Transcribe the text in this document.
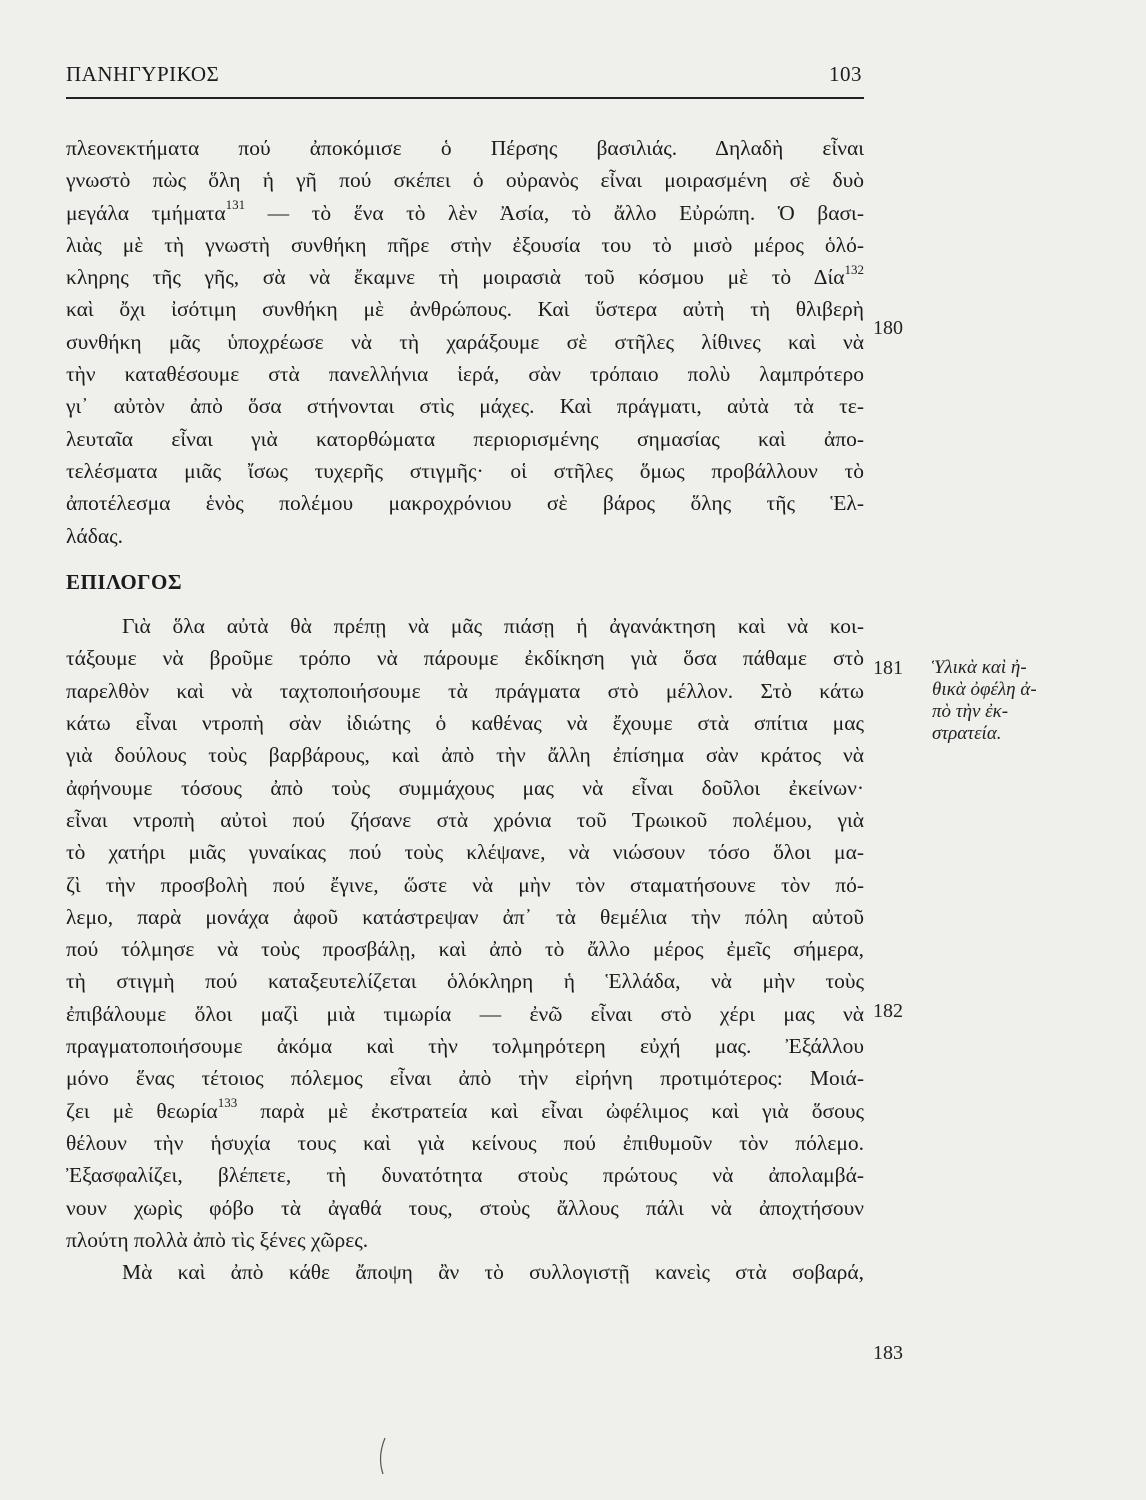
ΠΑΝΗΓΥΡΙΚΟΣ	103
πλεονεκτήματα πού ἀποκόμισε ὁ Πέρσης βασιλιάς. Δηλαδὴ εἶναι
γνωστὸ πὼς ὅλη ἡ γῆ πού σκέπει ὁ οὐρανὸς εἶναι μοιρασμένη σὲ δυὸ
μεγάλα τμήματα$^{131}$ — τὸ ἕνα τὸ λὲν Ἀσία, τὸ ἄλλο Εὐρώπη. Ὁ βασι-
λιὰς μὲ τὴ γνωστὴ συνθήκη πῆρε στὴν ἐξουσία του τὸ μισὸ μέρος ὁλό-
κληρης τῆς γῆς, σὰ νὰ ἔκαμνε τὴ μοιρασιὰ τοῦ κόσμου μὲ τὸ Δία$^{132}$
καὶ ὄχι ἰσότιμη συνθήκη μὲ ἀνθρώπους. Καὶ ὕστερα αὐτὴ τὴ θλιβερὴ
συνθήκη μᾶς ὑποχρέωσε νὰ τὴ χαράξουμε σὲ στῆλες λίθινες καὶ νὰ
τὴν καταθέσουμε στὰ πανελλήνια ἱερά, σὰν τρόπαιο πολὺ λαμπρότερο
γι᾽ αὐτὸν ἀπὸ ὅσα στήνονται στὶς μάχες. Καὶ πράγματι, αὐτὰ τὰ τε-
λευταῖα εἶναι γιὰ κατορθώματα περιορισμένης σημασίας καὶ ἀπο-
τελέσματα μιᾶς ἴσως τυχερῆς στιγμῆς· οἱ στῆλες ὅμως προβάλλουν τὸ
ἀποτέλεσμα ἑνὸς πολέμου μακροχρόνιου σὲ βάρος ὅλης τῆς Ἑλ-
λάδας.
ΕΠΙΛΟΓΟΣ
Γιὰ ὅλα αὐτὰ θὰ πρέπῃ νὰ μᾶς πιάσῃ ἡ ἀγανάκτηση καὶ νὰ κοι-
τάξουμε νὰ βροῦμε τρόπο νὰ πάρουμε ἐκδίκηση γιὰ ὅσα πάθαμε στὸ
παρελθὸν καὶ νὰ ταχτοποιήσουμε τὰ πράγματα στὸ μέλλον. Στὸ κάτω
κάτω εἶναι ντροπὴ σὰν ἰδιώτης ὁ καθένας νὰ ἔχουμε στὰ σπίτια μας
γιὰ δούλους τοὺς βαρβάρους, καὶ ἀπὸ τὴν ἄλλη ἐπίσημα σὰν κράτος νὰ
ἀφήνουμε τόσους ἀπὸ τοὺς συμμάχους μας νὰ εἶναι δοῦλοι ἐκείνων·
εἶναι ντροπὴ αὐτοὶ πού ζήσανε στὰ χρόνια τοῦ Τρωικοῦ πολέμου, γιὰ
τὸ χατήρι μιᾶς γυναίκας πού τοὺς κλέψανε, νὰ νιώσουν τόσο ὅλοι μα-
ζὶ τὴν προσβολὴ πού ἔγινε, ὥστε νὰ μὴν τὸν σταματήσουνε τὸν πό-
λεμο, παρὰ μονάχα ἀφοῦ κατάστρεψαν ἀπ᾽ τὰ θεμέλια τὴν πόλη αὐτοῦ
πού τόλμησε νὰ τοὺς προσβάλῃ, καὶ ἀπὸ τὸ ἄλλο μέρος ἐμεῖς σήμερα,
τὴ στιγμὴ πού καταξευτελίζεται ὁλόκληρη ἡ Ἑλλάδα, νὰ μὴν τοὺς
ἐπιβάλουμε ὅλοι μαζὶ μιὰ τιμωρία — ἐνῶ εἶναι στὸ χέρι μας νὰ
πραγματοποιήσουμε ἀκόμα καὶ τὴν τολμηρότερη εὐχή μας. Ἐξάλλου
μόνο ἕνας τέτοιος πόλεμος εἶναι ἀπὸ τὴν εἰρήνη προτιμότερος: Μοιά-
ζει μὲ θεωρία$^{133}$ παρὰ μὲ ἐκστρατεία καὶ εἶναι ὠφέλιμος καὶ γιὰ ὅσους
θέλουν τὴν ἡσυχία τους καὶ γιὰ κείνους πού ἐπιθυμοῦν τὸν πόλεμο.
Ἐξασφαλίζει, βλέπετε, τὴ δυνατότητα στοὺς πρώτους νὰ ἀπολαμβά-
νουν χωρὶς φόβο τὰ ἀγαθά τους, στοὺς ἄλλους πάλι νὰ ἀποχτήσουν
πλούτη πολλὰ ἀπὸ τὶς ξένες χῶρες.
Μὰ καὶ ἀπὸ κάθε ἄποψη ἂν τὸ συλλογιστῇ κανεὶς στὰ σοβαρά,
180
181
182
183
Ὑλικὰ καὶ ἠ-
θικὰ ὀφέλη ἀ-
πὸ τὴν ἐκ-
στρατεία.
